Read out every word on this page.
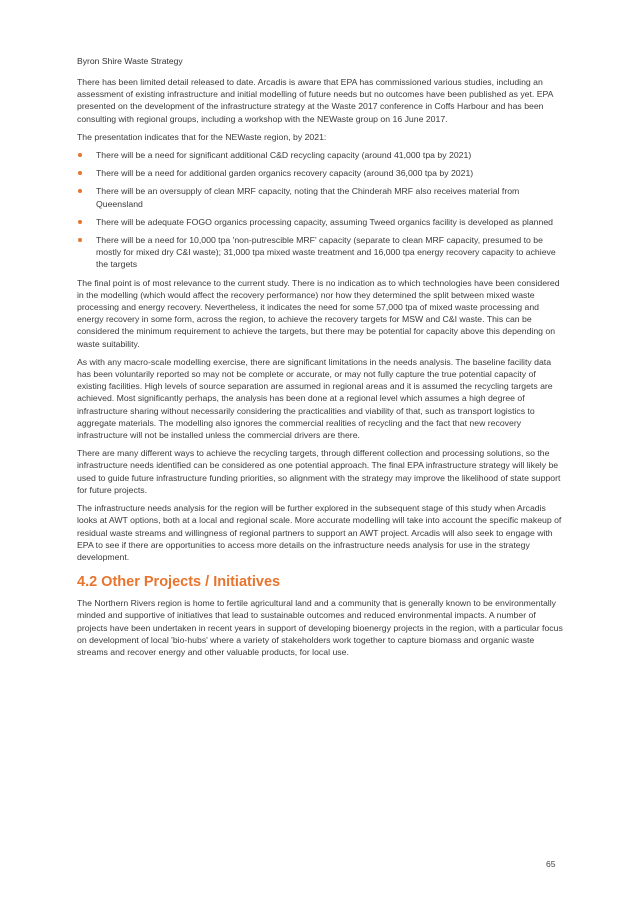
Byron Shire Waste Strategy

There has been limited detail released to date. Arcadis is aware that EPA has commissioned various studies, including an assessment of existing infrastructure and initial modelling of future needs but no outcomes have been published as yet. EPA presented on the development of the infrastructure strategy at the Waste 2017 conference in Coffs Harbour and has been consulting with regional groups, including a workshop with the NEWaste group on 16 June 2017.

The presentation indicates that for the NEWaste region, by 2021:

There will be a need for significant additional C&D recycling capacity (around 41,000 tpa by 2021)
There will be a need for additional garden organics recovery capacity (around 36,000 tpa by 2021)
There will be an oversupply of clean MRF capacity, noting that the Chinderah MRF also receives material from Queensland
There will be adequate FOGO organics processing capacity, assuming Tweed organics facility is developed as planned
There will be a need for 10,000 tpa 'non-putrescible MRF' capacity (separate to clean MRF capacity, presumed to be mostly for mixed dry C&I waste); 31,000 tpa mixed waste treatment and 16,000 tpa energy recovery capacity to achieve the targets

The final point is of most relevance to the current study. There is no indication as to which technologies have been considered in the modelling (which would affect the recovery performance) nor how they determined the split between mixed waste processing and energy recovery. Nevertheless, it indicates the need for some 57,000 tpa of mixed waste processing and energy recovery in some form, across the region, to achieve the recovery targets for MSW and C&I waste. This can be considered the minimum requirement to achieve the targets, but there may be potential for capacity above this depending on waste suitability.

As with any macro-scale modelling exercise, there are significant limitations in the needs analysis. The baseline facility data has been voluntarily reported so may not be complete or accurate, or may not fully capture the true potential capacity of existing facilities. High levels of source separation are assumed in regional areas and it is assumed the recycling targets are achieved. Most significantly perhaps, the analysis has been done at a regional level which assumes a high degree of infrastructure sharing without necessarily considering the practicalities and viability of that, such as transport logistics to aggregate materials. The modelling also ignores the commercial realities of recycling and the fact that new recovery infrastructure will not be installed unless the commercial drivers are there.

There are many different ways to achieve the recycling targets, through different collection and processing solutions, so the infrastructure needs identified can be considered as one potential approach. The final EPA infrastructure strategy will likely be used to guide future infrastructure funding priorities, so alignment with the strategy may improve the likelihood of state support for future projects.

The infrastructure needs analysis for the region will be further explored in the subsequent stage of this study when Arcadis looks at AWT options, both at a local and regional scale. More accurate modelling will take into account the specific makeup of residual waste streams and willingness of regional partners to support an AWT project. Arcadis will also seek to engage with EPA to see if there are opportunities to access more details on the infrastructure needs analysis for use in the strategy development.

4.2 Other Projects / Initiatives

The Northern Rivers region is home to fertile agricultural land and a community that is generally known to be environmentally minded and supportive of initiatives that lead to sustainable outcomes and reduced environmental impacts. A number of projects have been undertaken in recent years in support of developing bioenergy projects in the region, with a particular focus on development of local 'bio-hubs' where a variety of stakeholders work together to capture biomass and organic waste streams and recover energy and other valuable products, for local use.

65
